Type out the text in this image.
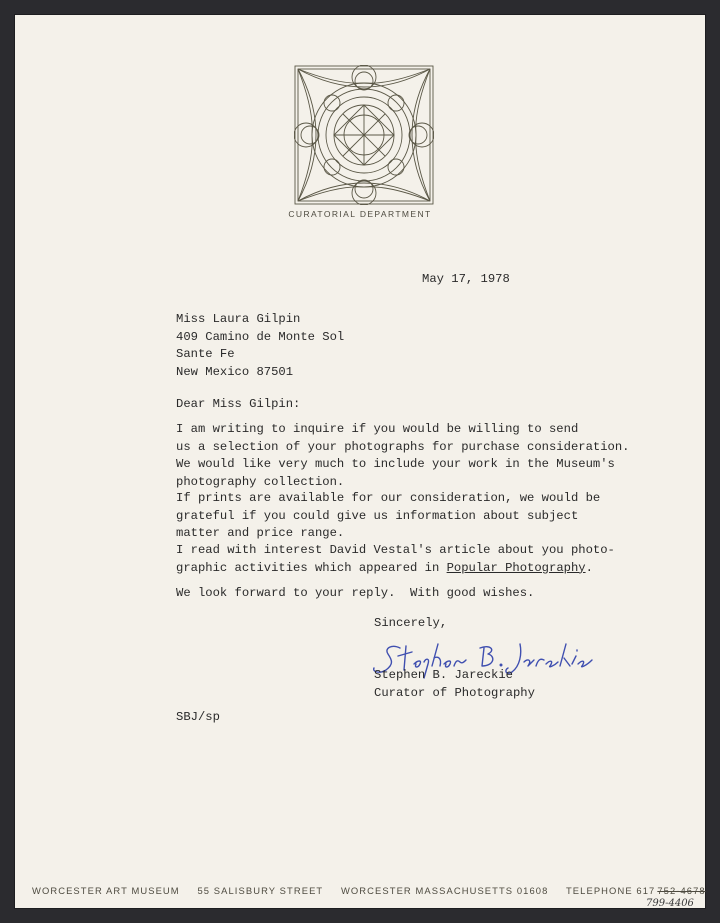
CURATORIAL DEPARTMENT
May 17, 1978
Miss Laura Gilpin
409 Camino de Monte Sol
Sante Fe
New Mexico 87501
Dear Miss Gilpin:
I am writing to inquire if you would be willing to send
us a selection of your photographs for purchase consideration.
We would like very much to include your work in the Museum's
photography collection.
If prints are available for our consideration, we would be
grateful if you could give us information about subject
matter and price range.
I read with interest David Vestal's article about you photo-
graphic activities which appeared in Popular Photography.
We look forward to your reply.  With good wishes.
Sincerely,
Stephen B. Jareckie
Curator of Photography
SBJ/sp
WORCESTER ART MUSEUM 55 SALISBURY STREET WORCESTER MASSACHUSETTS 01608 TELEPHONE 617 752-4678
799-4406
